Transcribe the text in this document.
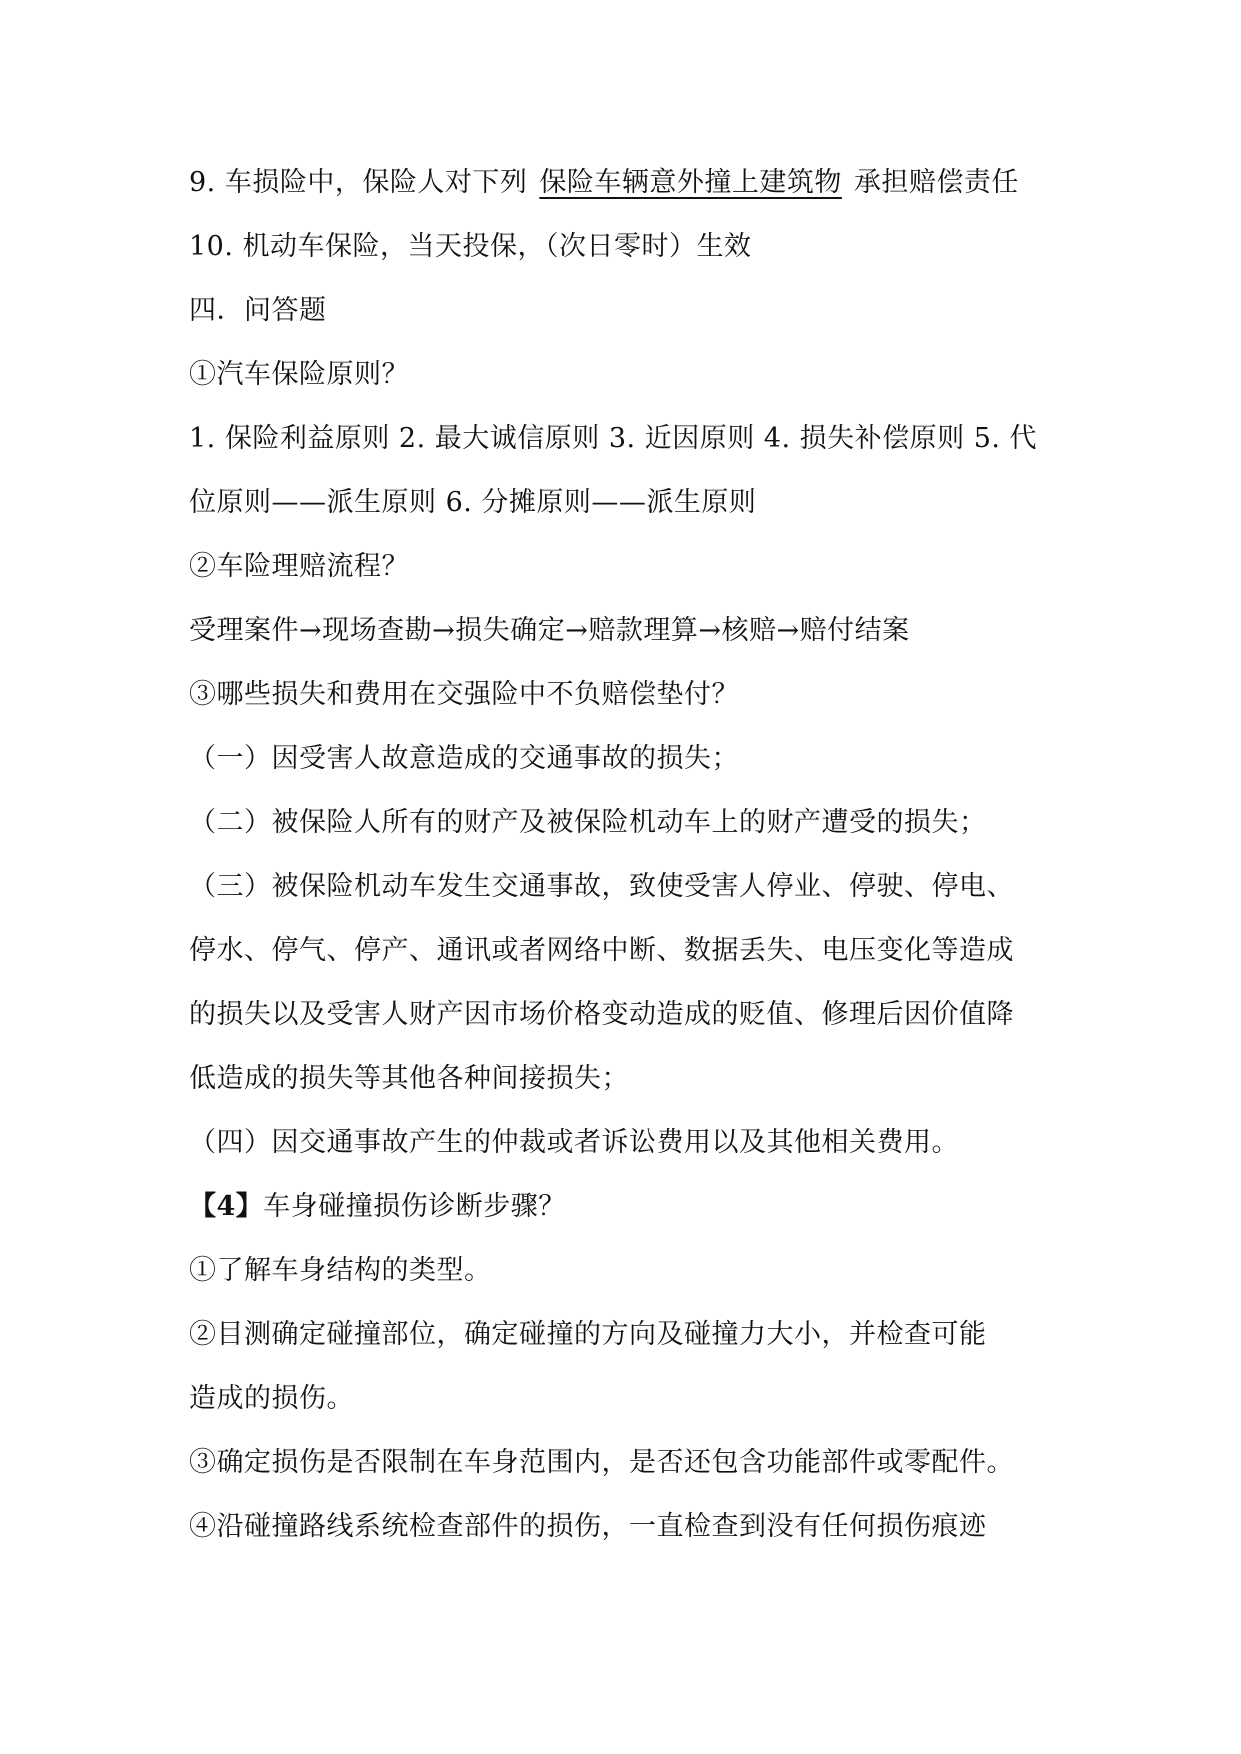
9. 车损险中，保险人对下列 保险车辆意外撞上建筑物 承担赔偿责任
10. 机动车保险，当天投保，（次日零时）生效
四．问答题
①汽车保险原则？
1. 保险利益原则 2. 最大诚信原则 3. 近因原则 4. 损失补偿原则 5. 代
位原则——派生原则 6. 分摊原则——派生原则
②车险理赔流程？
受理案件→现场查勘→损失确定→赔款理算→核赔→赔付结案
③哪些损失和费用在交强险中不负赔偿垫付？
（一）因受害人故意造成的交通事故的损失；
（二）被保险人所有的财产及被保险机动车上的财产遭受的损失；
（三）被保险机动车发生交通事故，致使受害人停业、停驶、停电、
停水、停气、停产、通讯或者网络中断、数据丢失、电压变化等造成
的损失以及受害人财产因市场价格变动造成的贬值、修理后因价值降
低造成的损失等其他各种间接损失；
（四）因交通事故产生的仲裁或者诉讼费用以及其他相关费用。
【4】车身碰撞损伤诊断步骤？
①了解车身结构的类型。
②目测确定碰撞部位，确定碰撞的方向及碰撞力大小，并检查可能
造成的损伤。
③确定损伤是否限制在车身范围内，是否还包含功能部件或零配件。
④沿碰撞路线系统检查部件的损伤，一直检查到没有任何损伤痕迹
